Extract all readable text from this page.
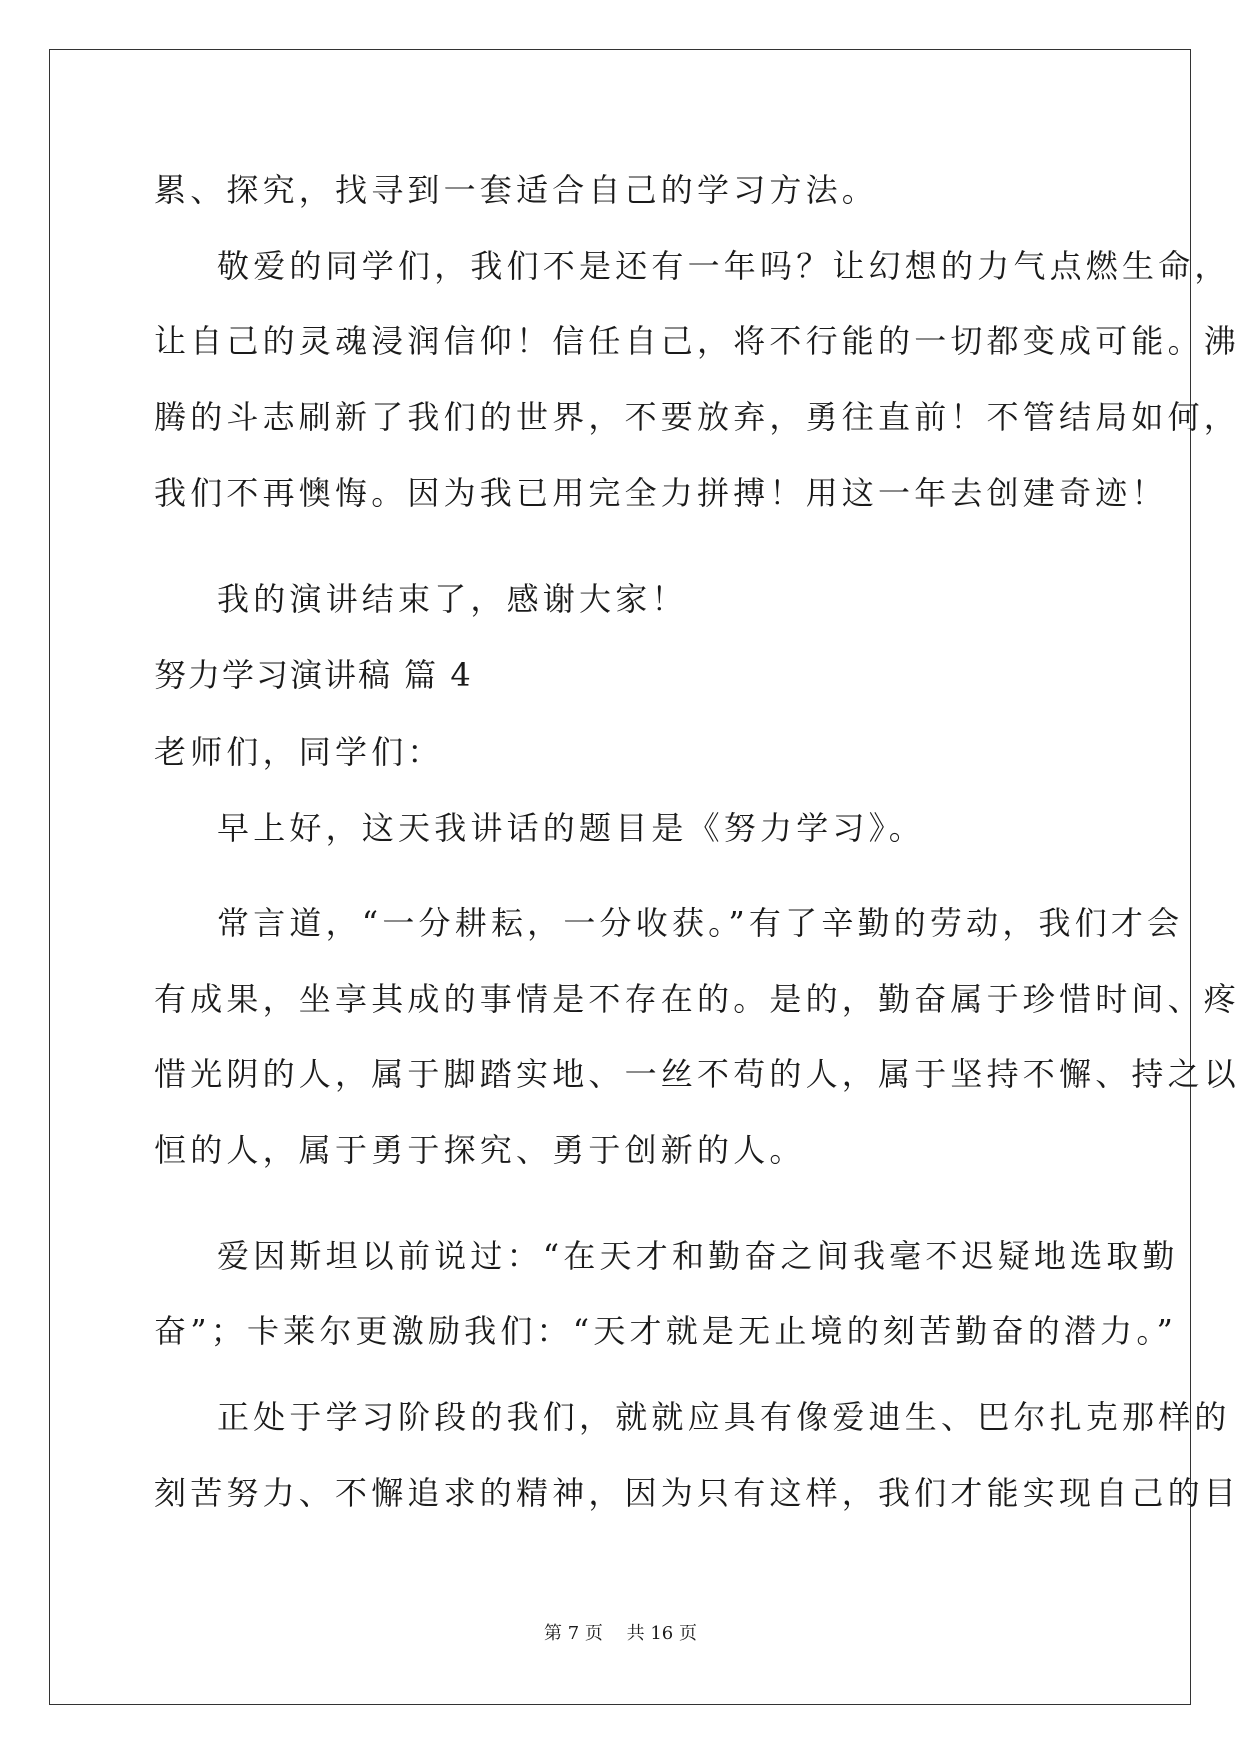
累、探究，找寻到一套适合自己的学习方法。
敬爱的同学们，我们不是还有一年吗？让幻想的力气点燃生命，
让自己的灵魂浸润信仰！信任自己，将不行能的一切都变成可能。沸
腾的斗志刷新了我们的世界，不要放弃，勇往直前！不管结局如何，
我们不再懊悔。因为我已用完全力拼搏！用这一年去创建奇迹！
我的演讲结束了，感谢大家！
努力学习演讲稿 篇 4
老师们，同学们：
早上好，这天我讲话的题目是《努力学习》。
常言道，“一分耕耘，一分收获。”有了辛勤的劳动，我们才会
有成果，坐享其成的事情是不存在的。是的，勤奋属于珍惜时间、疼
惜光阴的人，属于脚踏实地、一丝不苟的人，属于坚持不懈、持之以
恒的人，属于勇于探究、勇于创新的人。
爱因斯坦以前说过：“在天才和勤奋之间我毫不迟疑地选取勤
奋”；卡莱尔更激励我们：“天才就是无止境的刻苦勤奋的潜力。”
正处于学习阶段的我们，就就应具有像爱迪生、巴尔扎克那样的
刻苦努力、不懈追求的精神，因为只有这样，我们才能实现自己的目
第 7 页　 共 16 页
